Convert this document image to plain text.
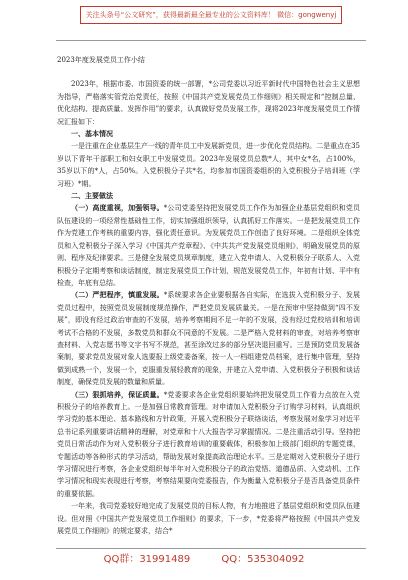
关注头条号“公文研究”，获得最新最全最专业的公文资料库！ 微信：gongwenyj

2023年度发展党员工作小结

2023年，根据市委、市国资委的统一部署，*公司党委以习近平新时代中国特色社会主义思想为指导，严格落实管党治党责任，按照《中国共产党发展党员工作细则》相关规定和“控制总量、优化结构、提高质量、发挥作用”的要求，认真做好党员发展工作，现将2023年度发展党员工作情况汇报如下：

一、基本情况

一是注重在企业基层生产一线的青年员工中发展新党员，进一步优化党员结构。二是重点在35岁以下青年干部职工和妇女职工中发展党员。2023年发展党员总数*人，其中女*名，占100%，35岁以下的*人，占50%。入党积极分子共*名，均参加市国资委组织的入党积极分子培训班（学习班）*期。

二、主要做法

（一）高度重视，加强领导。*公司党委坚持把发展党员工作作为加强企业基层党组织和党员队伍建设的一项经常性基础性工作，切实加强组织领导，认真抓好工作落实。一是把发展党员工作作为党建工作考核的重要内容，强化责任意识。为发展党员工作创造了良好环境。二是组织全体党员和入党积极分子深入学习《中国共产党章程》、《中共共产党发展党员细则》，明确发展党员的原则、程序及纪律要求。三是健全发展党员规章制度，建立入党申请人、入党积极分子联系人、入党积极分子定期考察和谈话制度，制定发展党员工作计划，规范发展党员工作，年初有计划、平中有检查，年底有总结。

（二）严把程序，慎重发展。*系统要求各企业要根据各自实际，在选拔入党积极分子、发展党员过程中，按照党员发展制度规范操作，严把党员发展质量关。一是在预审中坚持做到“四不发展”，即没有经过政治审查的不发展，培养考察期间不足一年的不发展，没有经过党校培训和培训考试不合格的不发展，多数党员和群众不同意的不发展。二是严格入党材料的审查，对培养考察审查材料、入党志愿书等文字书写不规范，甚至涂改过多的部分坚决退回重写。三是预防党员发展备案制，要求党员发展对象人选要报上级党委备案，按一人一档组建党员档案，进行集中管理，坚持做到成熟一个，发展一个，克服重发展轻教育的现象，并建立入党申请、入党积极分子积极和谈话制度，确保党员发展的数量和质量。

（三）狠抓培养，保证质量。*党委要求各企业党组织要始终把发展党员工作看力点放在入党积极分子的培养教育上。一是加强日常教育管理。对申请加入党积极分子订购学习材料，认真组织学习党的基本理论、基本路线和方针政策，开展入党积极分子联络谈话，考察发展对象学习对近平总书记系列重要讲话精神的理解，对党章和十八大报告学习掌握情况。二是注重活动引导。坚持把党员日常活动作为对入党积极分子进行教育培训的重要载体，积极参加上级部门组织的专题党课，专题活动等各种形式的学习活动，帮助发展对象提高政治理论水平。三是定期对入党积极分子进行学习情况进行考察，各企业党组织每半年对入党积极分子的政治觉悟、道德品质、入党动机、工作学习情况和现实表现进行考察，考察结果要向党委报告，作为衡量入党积极分子是否具备党员条件的重要依据。

一年来，我司党委较好地完成了发展党员的目标人物，有力地推进了基层党组织和党员队伍建设。但对照《中国共产党发展党员工作细则》的要求，下一步，*党委将严格按照《中国共产党发展党员工作细则》的规定要求，结合*

QQ群：31991489	QQ：535304092
